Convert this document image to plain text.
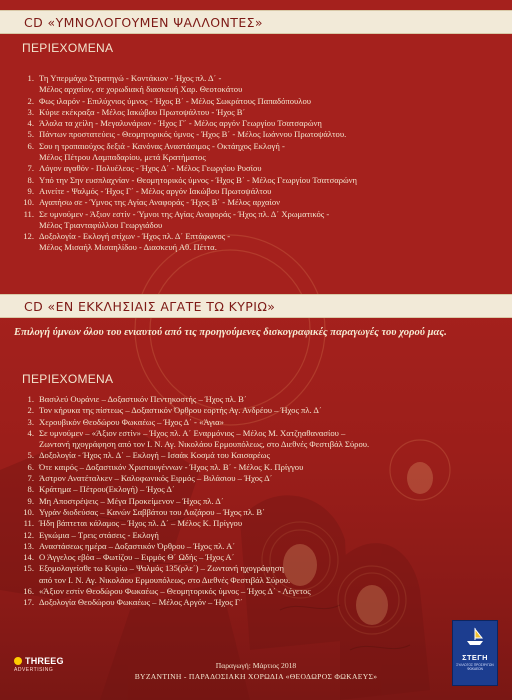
CD «ΥΜΝΟΛΟΓΟΥΜΕΝ ΨΑΛΛΟΝΤΕΣ»
ΠΕΡΙΕΧΟΜΕΝΑ
1. Τη Υπερμάχω Στρατηγώ - Κοντάκιον - Ήχος πλ. Δ΄ -
Μέλος αρχαίον, σε χορωδιακή διασκευή Χαρ. Θεοτοκάτου
2. Φως ιλαρόν - Επιλύχνιος ύμνος - Ήχος Β΄ - Μέλος Σωκράτους Παπαδόπουλου
3. Κύριε εκέκραξα - Μέλος Ιακώβου Πρωτοψάλτου - Ήχος Β΄
4. Άλαλα τα χείλη - Μεγαλυνάριον - Ήχος Γ΄ - Μέλος αργόν Γεωργίου Τσατσαρώνη
5. Πάντων προστατεύεις - Θεομητορικός ύμνος - Ήχος Β΄ - Μέλος Ιωάννου Πρωτοψάλτου.
6. Σου η τροπαιούχος δεξιά - Κανόνας Αναστάσιμος - Οκτάηχος Εκλογή -
Μέλος Πέτρου Λαμπαδαρίου, μετά Κρατήματος
7. Λόγον αγαθόν - Πολυέλεος - Ήχος Δ΄ - Μέλος Γεωργίου Ρυσίου
8. Υπό την Σην ευσπλαχνίαν - Θεομητορικός ύμνος - Ήχος Β΄ - Μέλος Γεωργίου Τσατσαρώνη
9. Αινείτε - Ψαλμός - Ήχος Γ΄ - Μέλος αργόν Ιακώβου Πρωτοψάλτου
10. Αγαπήσω σε - Ύμνος της Αγίας Αναφοράς - Ήχος Β΄ - Μέλος αρχαίον
11. Σε υμνούμεν - Άξιον εστίν - Ύμνοι της Αγίας Αναφοράς - Ήχος πλ. Δ΄ Χρωματικός -
Μέλος Τριανταφύλλου Γεωργιάδου
12. Δοξολογία - Εκλογή στίχων - Ήχος πλ. Δ΄ Επτάφωνος -
Μέλος Μισαήλ Μισαηλίδου - Διασκευή Αθ. Πέττα.
CD «ΕΝ ΕΚΚΛΗΣΙΑΙΣ ΑΓΑΤΕ ΤΩ ΚΥΡΙΩ»

Επιλογή ύμνων όλου του ενιαυτού από τις προηγούμενες δισκογραφικές παραγωγές του χορού μας.

ΠΕΡΙΕΧΟΜΕΝΑ
1. Βασιλεύ Ουράνιε – Δοξαστικόν Πεντηκοστής – Ήχος πλ. Β΄
2. Τον κήρυκα της πίστεως – Δοξαστικόν Όρθρου εορτής Αγ. Ανδρέου – Ήχος πλ. Δ΄
3. Χερουβικόν Θεοδώρου Φωκαέως – Ήχος Δ΄ - «Άγια»
4. Σε υμνούμεν – «Άξιον εστίν» – Ήχος πλ. Α΄ Εναρμόνιος – Μέλος Μ. Χατζηαθανασίου –
Ζωντανή ηχογράφηση από τον Ι. Ν. Αγ. Νικολάου Ερμουπόλεως, στο Διεθνές Φεστιβάλ Σύρου.
5. Δοξολογία - Ήχος πλ. Δ΄ – Εκλογή – Ισαάκ Κοσμά του Καισαρέως
6. Ότε καιρός – Δοξαστικόν Χριστουγέννων - Ήχος πλ. Β΄ - Μέλος Κ. Πρίγγου
7. Άστρον Ανατέταλκεν – Καλοφωνικός Ειρμός – Βιλάσιου – Ήχος Δ΄
8. Κράτημα – Πέτρου(Εκλογή) – Ήχος Δ΄
9. Μη Αποστρέψεις – Μέγα Προκείμενον – Ήχος πλ. Δ΄
10. Υγράν διοδεύσας – Κανών Σαββάτου του Λαζάρου – Ήχος πλ. Β΄
11. Ήδη βάπτεται κάλαμος – Ήχος πλ. Δ΄ – Μέλος Κ. Πρίγγου
12. Εγκώμια – Τρεις στάσεις - Εκλογή
13. Αναστάσεως ημέρα – Δοξαστικόν Όρθρου – Ήχος πλ. Α΄
14. Ο Άγγελος εβόα – Φωτίζου – Ειρμός Θ΄ Ωδής – Ήχος Α΄
15. Εξομολογείσθε τω Κυρίω – Ψαλμός 135(ρλε΄) – Ζωντανή ηχογράφηση
από τον Ι. Ν. Αγ. Νικολάου Ερμουπόλεως, στο Διεθνές Φεστιβάλ Σύρου.
16. «Άξιον εστίν Θεοδώρου Φωκαέως – Θεομητορικός ύμνος – Ήχος Δ΄ - Λέγετος
17. Δοξολογία Θεοδώρου Φωκαέως – Μέλος Αργόν – Ήχος Γ΄
Παραγωγή: Μάρτιος 2018
ΒΥΖΑΝΤΙΝΗ - ΠΑΡΑΔΟΣΙΑΚΗ ΧΟΡΩΔΙΑ «ΘΕΟΔΩΡΟΣ ΦΩΚΑΕΥΣ»
THREEG
ADVERTISING
ΣΤΕΓΗ
ΣΥΛΛΟΓΟΣ ΠΡΟΣΦΥΓΩΝ ΦΩΚΑΕΩΝ
